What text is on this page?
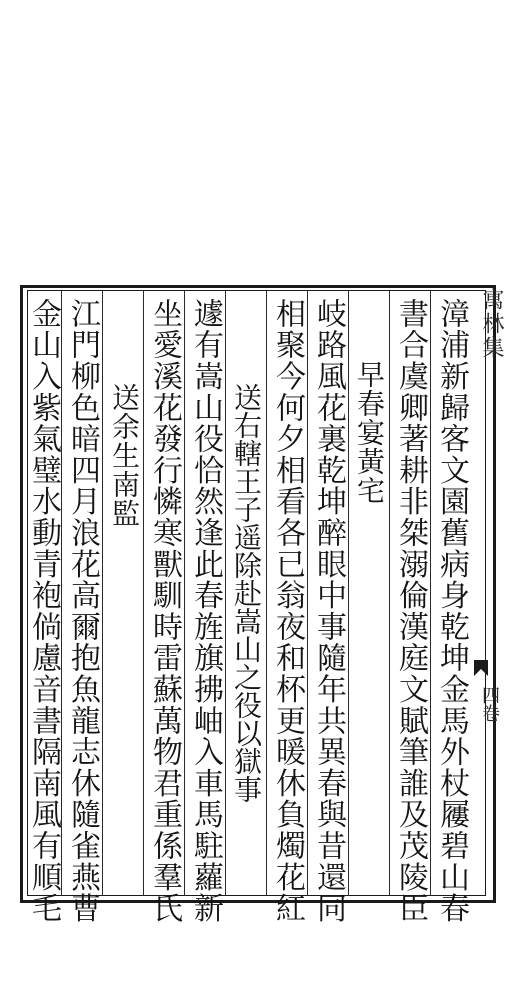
寓林集
四卷
漳浦新歸客文園舊病身乾坤金馬外杖屨碧山春
書合虞卿著耕非桀溺倫漢庭文賦筆誰及茂陵臣
早春宴黃宅
岐路風花裏乾坤醉眼中事隨年共異春與昔還同
相聚今何夕相看各已翁夜和杯更暖休負燭花紅
送右轄王子遥除赴嵩山之役以獄事
遽有嵩山役恰然逢此春旌旗拂岫入車馬駐蘿新
坐愛溪花發行憐寒獸馴時雷蘇萬物君重係羣氏
送余生南監
江門柳色暗四月浪花高爾抱魚龍志休隨雀燕曹
金山入紫氣璧水動青袍倘慮音書隔南風有順毛
